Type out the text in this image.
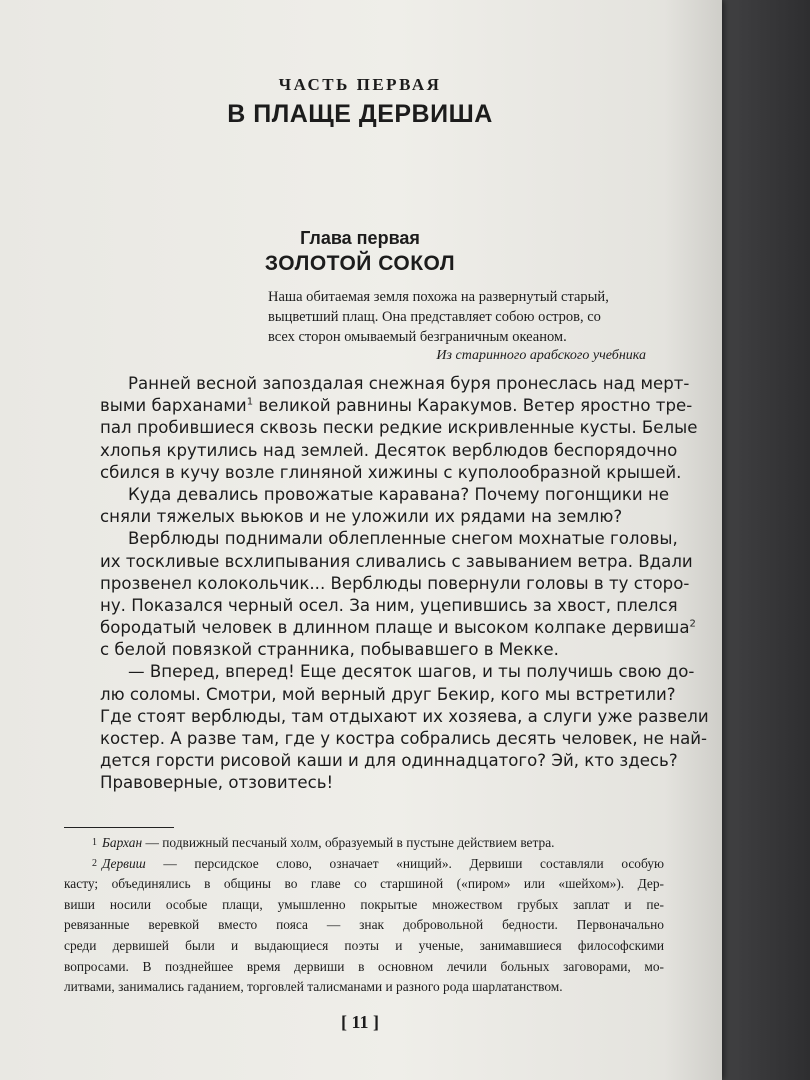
ЧАСТЬ ПЕРВАЯ
В ПЛАЩЕ ДЕРВИША
Глава первая
ЗОЛОТОЙ СОКОЛ
Наша обитаемая земля похожа на развернутый старый,
выцветший плащ. Она представляет собою остров, со
всех сторон омываемый безграничным океаном.
Из старинного арабского учебника
Ранней весной запоздалая снежная буря пронеслась над мерт-
выми барханами$^1$ великой равнины Каракумов. Ветер яростно тре-
пал пробившиеся сквозь пески редкие искривленные кусты. Белые
хлопья крутились над землей. Десяток верблюдов беспорядочно
сбился в кучу возле глиняной хижины с куполообразной крышей.
Куда девались провожатые каравана? Почему погонщики не
сняли тяжелых вьюков и не уложили их рядами на землю?
Верблюды поднимали облепленные снегом мохнатые головы,
их тоскливые всхлипывания сливались с завыванием ветра. Вдали
прозвенел колокольчик... Верблюды повернули головы в ту сторо-
ну. Показался черный осел. За ним, уцепившись за хвост, плелся
бородатый человек в длинном плаще и высоком колпаке дервиша$^2$
с белой повязкой странника, побывавшего в Мекке.
— Вперед, вперед! Еще десяток шагов, и ты получишь свою до-
лю соломы. Смотри, мой верный друг Бекир, кого мы встретили?
Где стоят верблюды, там отдыхают их хозяева, а слуги уже развели
костер. А разве там, где у костра собрались десять человек, не най-
дется горсти рисовой каши и для одиннадцатого? Эй, кто здесь?
Правоверные, отзовитесь!
$^1$ Бархан — подвижный песчаный холм, образуемый в пустыне действием ветра.
$^2$ Дервиш — персидское слово, означает «нищий». Дервиши составляли особую
касту; объединялись в общины во главе со старшиной («пиром» или «шейхом»). Дер-
виши носили особые плащи, умышленно покрытые множеством грубых заплат и пе-
ревязанные веревкой вместо пояса — знак добровольной бедности. Первоначально
среди дервишей были и выдающиеся поэты и ученые, занимавшиеся философскими
вопросами. В позднейшее время дервиши в основном лечили больных заговорами, мо-
литвами, занимались гаданием, торговлей талисманами и разного рода шарлатанством.
[ 11 ]
